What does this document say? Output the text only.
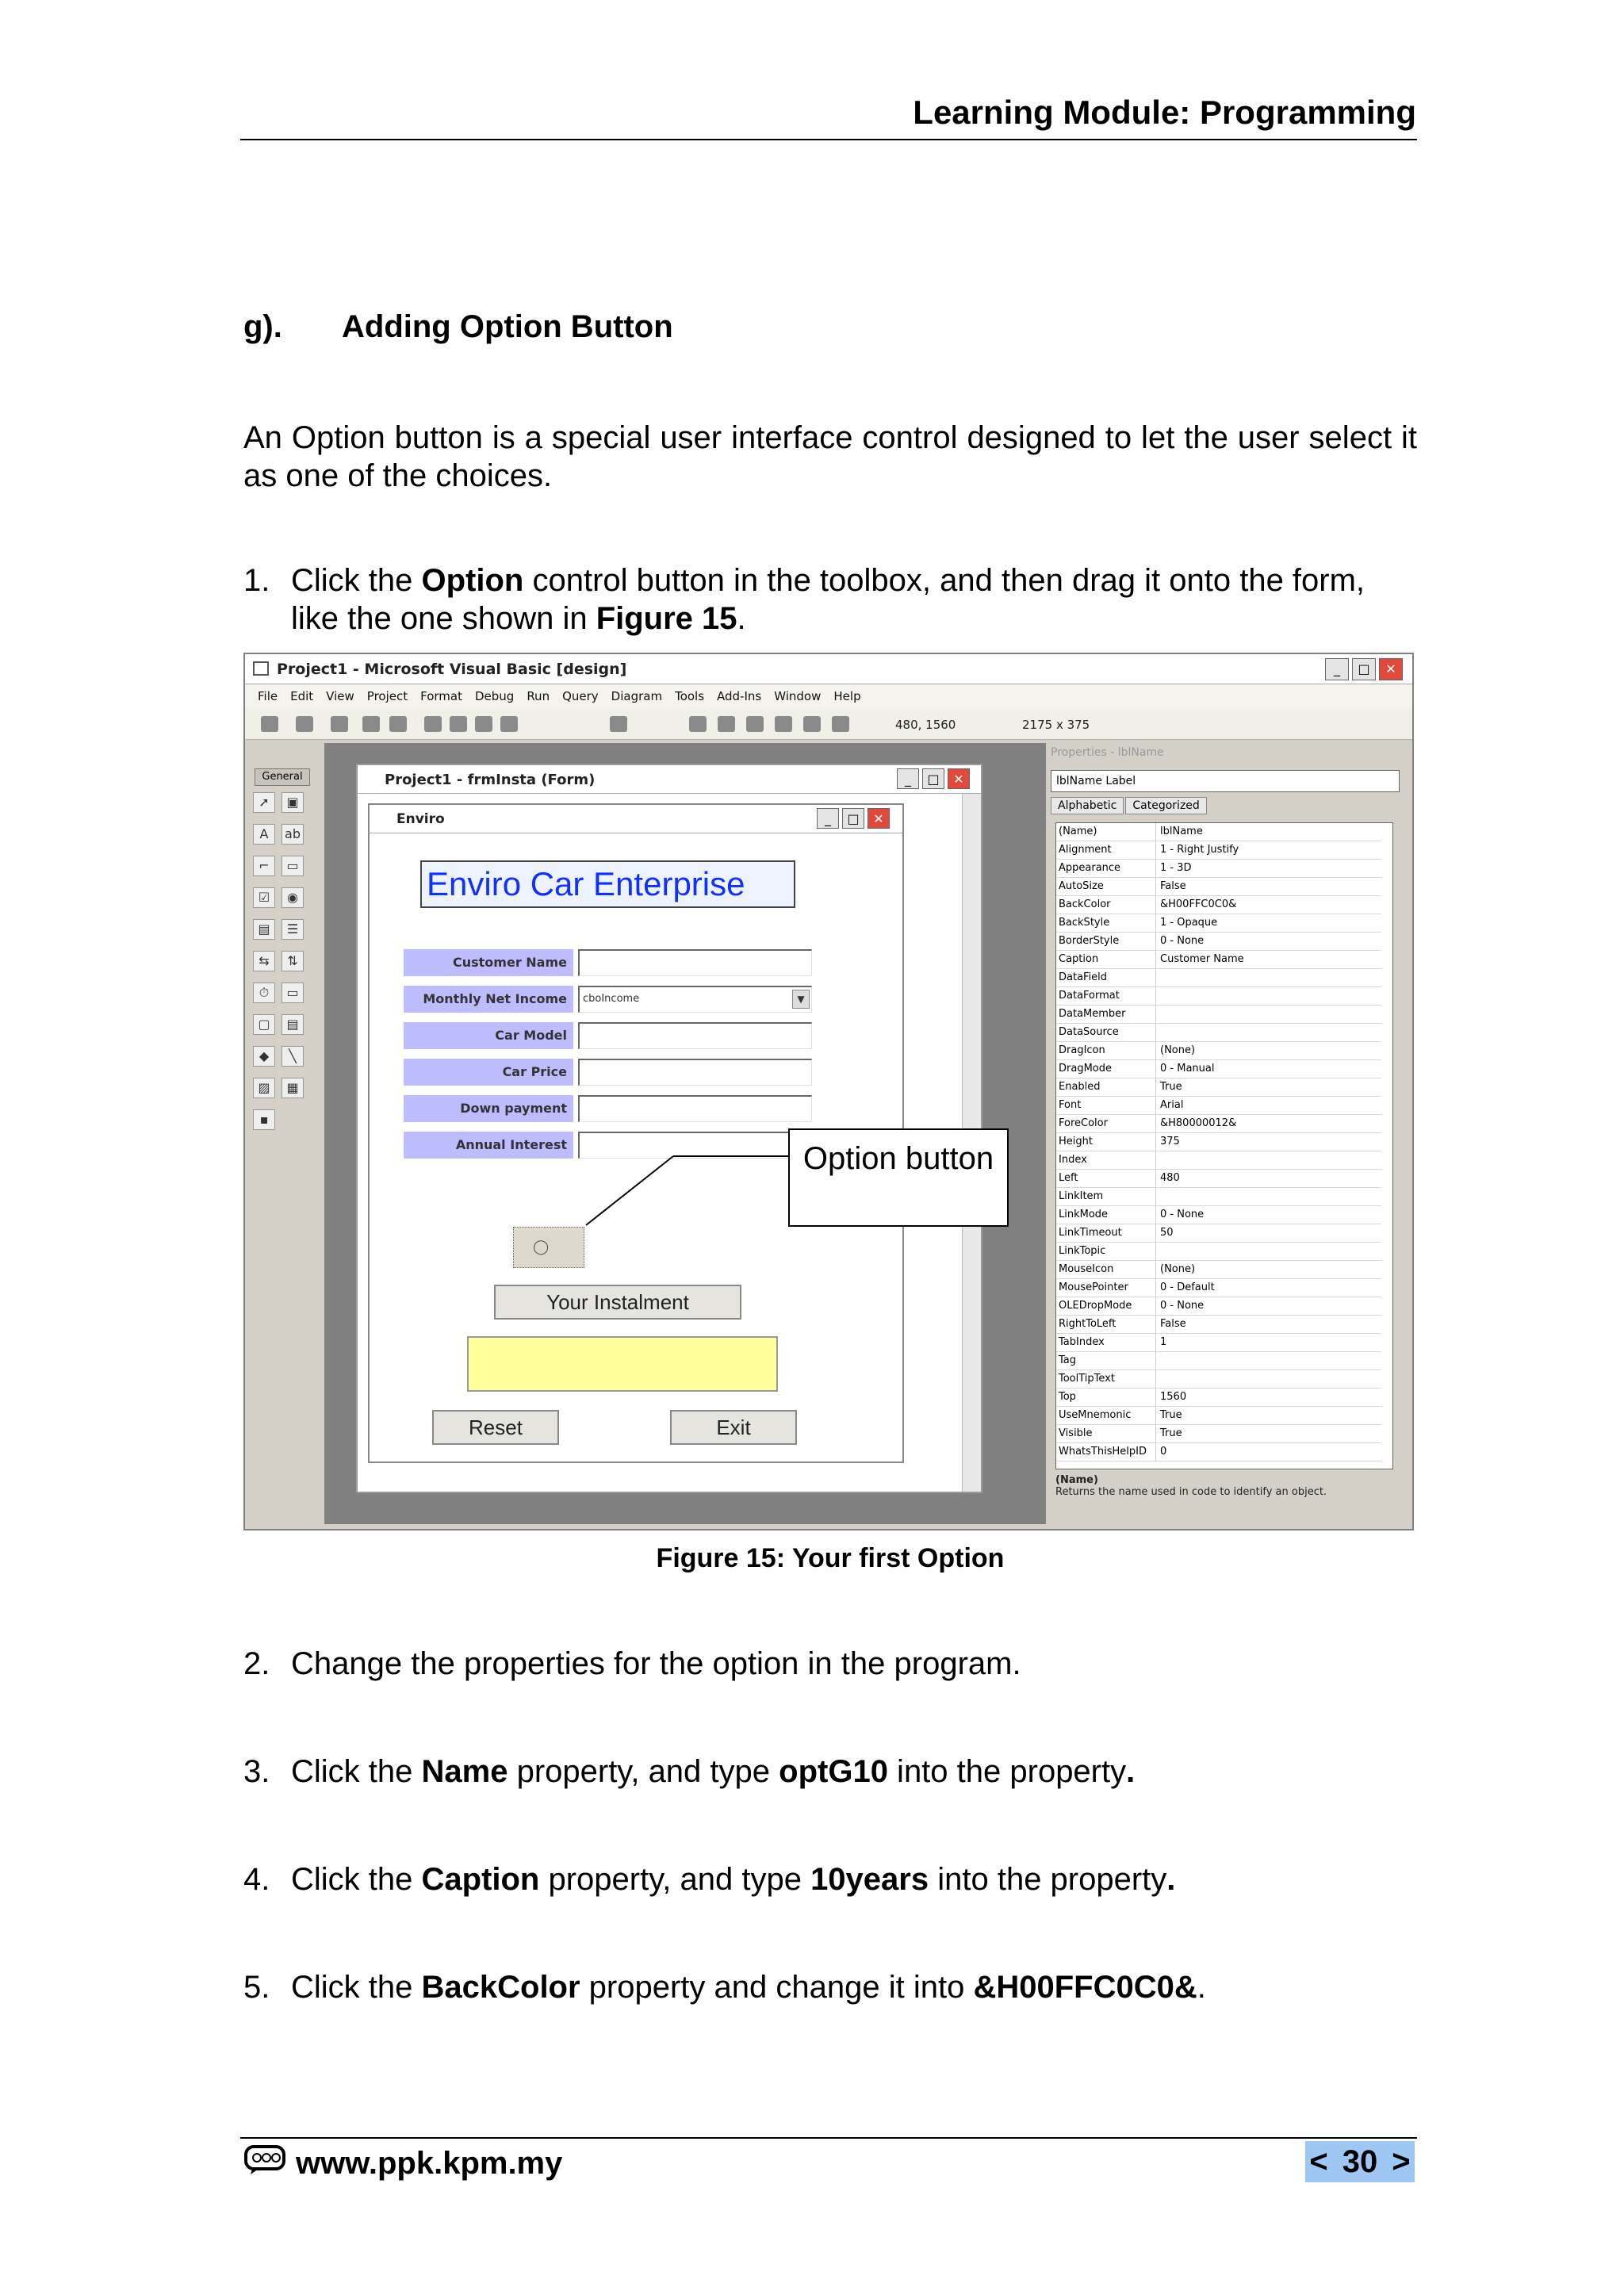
Learning Module: Programming
g). Adding Option Button
An Option button is a special user interface control designed to let the user select it as one of the choices.
1. Click the Option control button in the toolbox, and then drag it onto the form, like the one shown in Figure 15.
Project1 - Microsoft Visual Basic [design]	_	□	✕
File Edit View Project Format Debug Run Query Diagram Tools Add-Ins Window Help
480, 1560	2175 x 375
General
➚	▣
A	ab
⌐	▭
☑	◉
▤	☰
⇆	⇅
⏱	▭
▢	▤
◆	╲
▨	▦
▪
Project1 - frmInsta (Form)	_	□	✕
Enviro	_	□	✕
Enviro Car Enterprise
Customer Name
Monthly Net Income	cboIncome	▼
Car Model
Car Price
Down payment
Annual Interest	Option button
◯
Your Instalment
Reset	Exit
Properties - lblName
lblName Label
Alphabetic Categorized
(Name)	lblName
Alignment	1 - Right Justify
Appearance	1 - 3D
AutoSize	False
BackColor	&H00FFC0C0&
BackStyle	1 - Opaque
BorderStyle	0 - None
Caption	Customer Name
DataField
DataFormat
DataMember
DataSource
DragIcon	(None)
DragMode	0 - Manual
Enabled	True
Font	Arial
ForeColor	&H80000012&
Height	375
Index
Left	480
LinkItem
LinkMode	0 - None
LinkTimeout	50
LinkTopic
MouseIcon	(None)
MousePointer	0 - Default
OLEDropMode	0 - None
RightToLeft	False
TabIndex	1
Tag
ToolTipText
Top	1560
UseMnemonic	True
Visible	True
WhatsThisHelpID	0
(Name)
Returns the name used in code to identify an object.
Figure 15: Your first Option
2. Change the properties for the option in the program.
3. Click the Name property, and type optG10 into the property.
4. Click the Caption property, and type 10years into the property.
5. Click the BackColor property and change it into &H00FFC0C0&.
www.ppk.kpm.my	< 30 >
